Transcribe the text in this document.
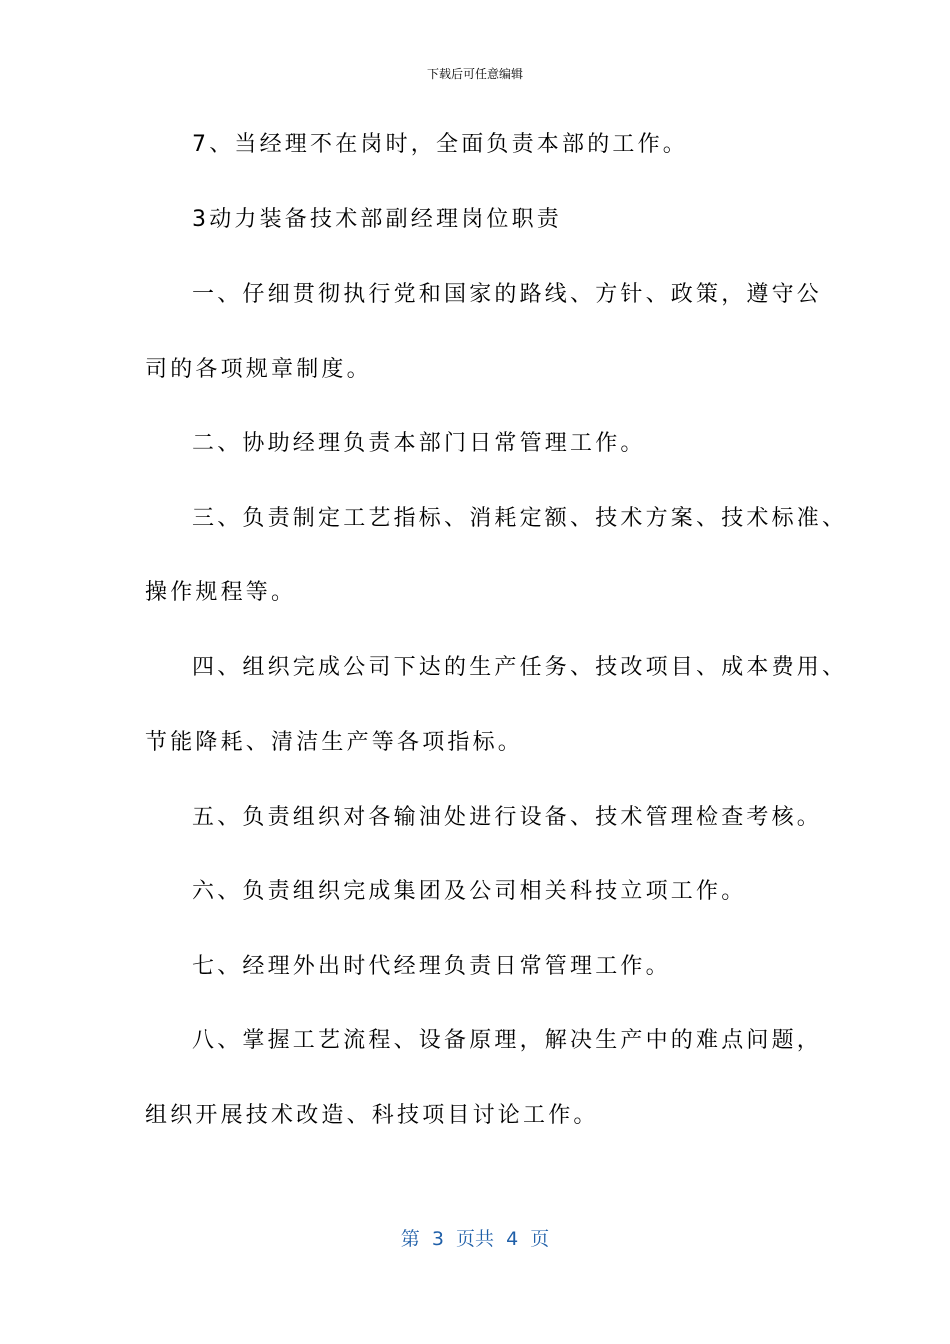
下载后可任意编辑
7、当经理不在岗时，全面负责本部的工作。
3动力装备技术部副经理岗位职责
一、仔细贯彻执行党和国家的路线、方针、政策，遵守公
司的各项规章制度。
二、协助经理负责本部门日常管理工作。
三、负责制定工艺指标、消耗定额、技术方案、技术标准、
操作规程等。
四、组织完成公司下达的生产任务、技改项目、成本费用、
节能降耗、清洁生产等各项指标。
五、负责组织对各输油处进行设备、技术管理检查考核。
六、负责组织完成集团及公司相关科技立项工作。
七、经理外出时代经理负责日常管理工作。
八、掌握工艺流程、设备原理，解决生产中的难点问题，
组织开展技术改造、科技项目讨论工作。
第  3  页共  4  页
